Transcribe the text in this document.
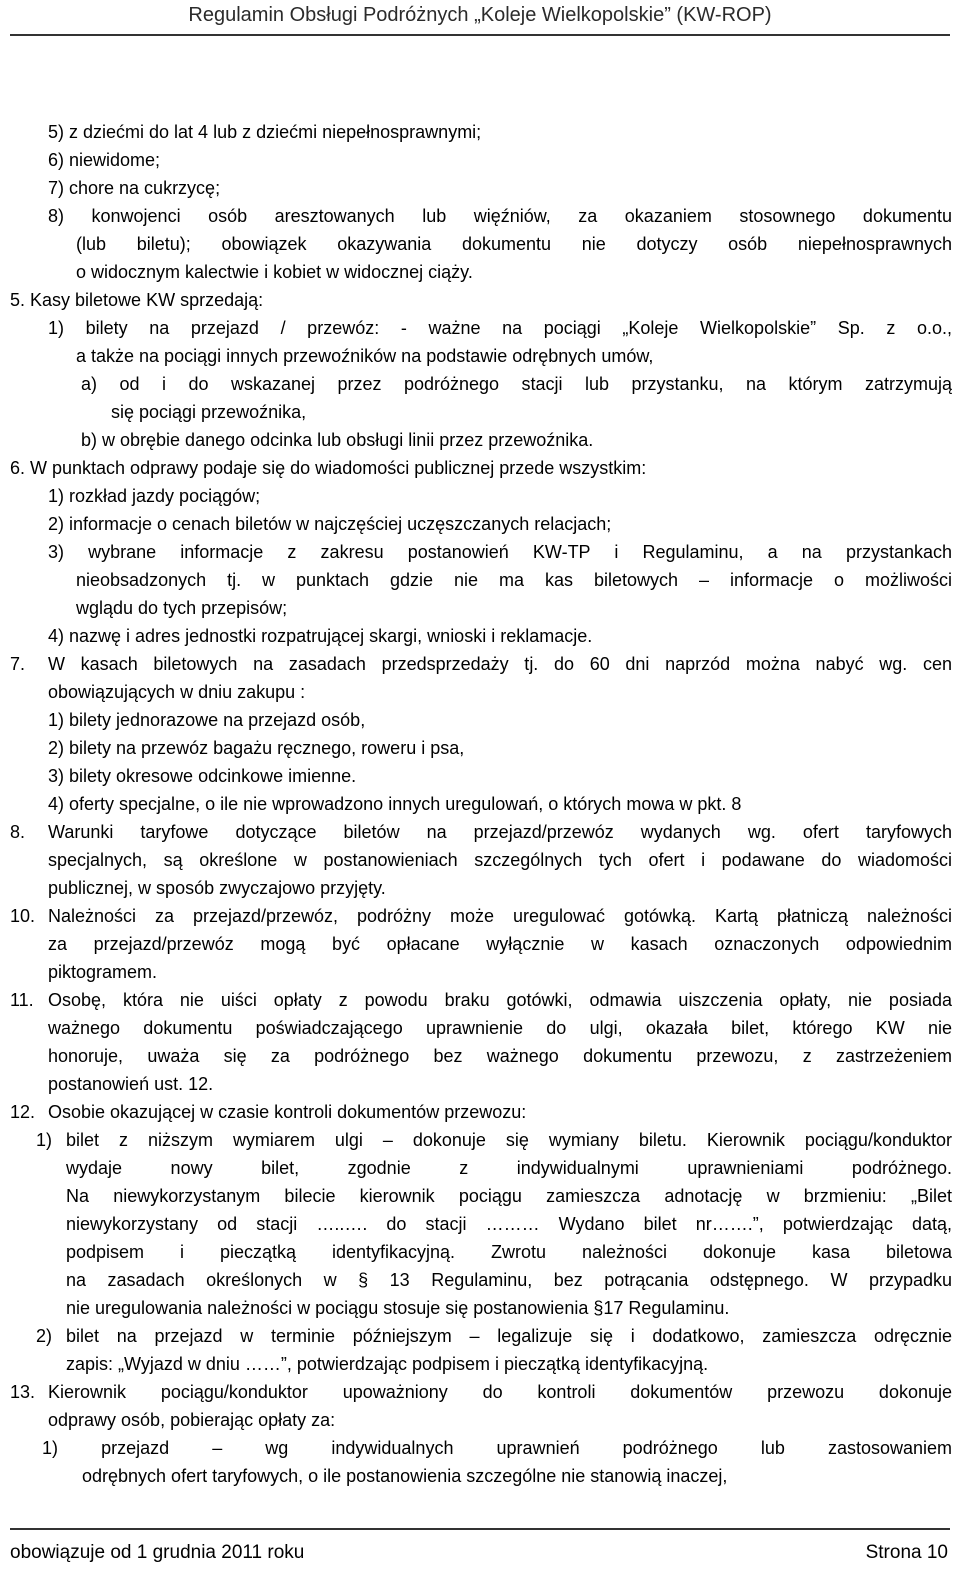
Regulamin Obsługi Podróżnych „Koleje Wielkopolskie” (KW-ROP)
5) z dziećmi do lat 4 lub z dziećmi niepełnosprawnymi;
6) niewidome;
7) chore na cukrzycę;
8) konwojenci osób aresztowanych lub więźniów, za okazaniem stosownego dokumentu
(lub biletu); obowiązek okazywania dokumentu nie dotyczy osób niepełnosprawnych
o widocznym kalectwie i kobiet w widocznej ciąży.
5. Kasy biletowe KW sprzedają:
1) bilety na przejazd / przewóz: - ważne na pociągi „Koleje Wielkopolskie” Sp. z o.o.,
a także na pociągi innych przewoźników na podstawie odrębnych umów,
a) od i do wskazanej przez podróżnego stacji lub przystanku, na którym zatrzymują
się pociągi przewoźnika,
b) w obrębie danego odcinka lub obsługi linii przez przewoźnika.
6. W punktach odprawy podaje się do wiadomości publicznej przede wszystkim:
1) rozkład jazdy pociągów;
2) informacje o cenach biletów w najczęściej uczęszczanych relacjach;
3) wybrane informacje z zakresu postanowień KW-TP i Regulaminu, a na przystankach
nieobsadzonych tj. w punktach gdzie nie ma kas biletowych – informacje o możliwości
wglądu do tych przepisów;
4) nazwę i adres jednostki rozpatrującej skargi, wnioski i reklamacje.
7. W kasach biletowych na zasadach przedsprzedaży tj. do 60 dni naprzód można nabyć wg. cen
obowiązujących w dniu zakupu :
1) bilety jednorazowe na przejazd osób,
2) bilety na przewóz bagażu ręcznego, roweru i psa,
3) bilety okresowe odcinkowe imienne.
4) oferty specjalne, o ile nie wprowadzono innych uregulowań, o których mowa w pkt. 8
8. Warunki taryfowe dotyczące biletów na przejazd/przewóz wydanych wg. ofert taryfowych
specjalnych, są określone w postanowieniach szczególnych tych ofert i podawane do wiadomości
publicznej, w sposób zwyczajowo przyjęty.
10. Należności za przejazd/przewóz, podróżny może uregulować gotówką. Kartą płatniczą należności
za przejazd/przewóz mogą być opłacane wyłącznie w kasach oznaczonych odpowiednim
piktogramem.
11. Osobę, która nie uiści opłaty z powodu braku gotówki, odmawia uiszczenia opłaty, nie posiada
ważnego dokumentu poświadczającego uprawnienie do ulgi, okazała bilet, którego KW nie
honoruje, uważa się za podróżnego bez ważnego dokumentu przewozu, z zastrzeżeniem
postanowień ust. 12.
12. Osobie okazującej w czasie kontroli dokumentów przewozu:
1) bilet z niższym wymiarem ulgi – dokonuje się wymiany biletu. Kierownik pociągu/konduktor
wydaje nowy bilet, zgodnie z indywidualnymi uprawnieniami podróżnego.
Na niewykorzystanym bilecie kierownik pociągu zamieszcza adnotację w brzmieniu: „Bilet
niewykorzystany od stacji …..…. do stacji ……… Wydano bilet nr…….”, potwierdzając datą,
podpisem i pieczątką identyfikacyjną. Zwrotu należności dokonuje kasa biletowa
na zasadach określonych w § 13 Regulaminu, bez potrącania odstępnego. W przypadku
nie uregulowania należności w pociągu stosuje się postanowienia §17 Regulaminu.
2) bilet na przejazd w terminie późniejszym – legalizuje się i dodatkowo, zamieszcza odręcznie
zapis: „Wyjazd w dniu ……”, potwierdzając podpisem i pieczątką identyfikacyjną.
13. Kierownik pociągu/konduktor upoważniony do kontroli dokumentów przewozu dokonuje
odprawy osób, pobierając opłaty za:
1) przejazd – wg indywidualnych uprawnień podróżnego lub zastosowaniem
odrębnych ofert taryfowych, o ile postanowienia szczególne nie stanowią inaczej,
obowiązuje od 1 grudnia 2011 roku	Strona 10
